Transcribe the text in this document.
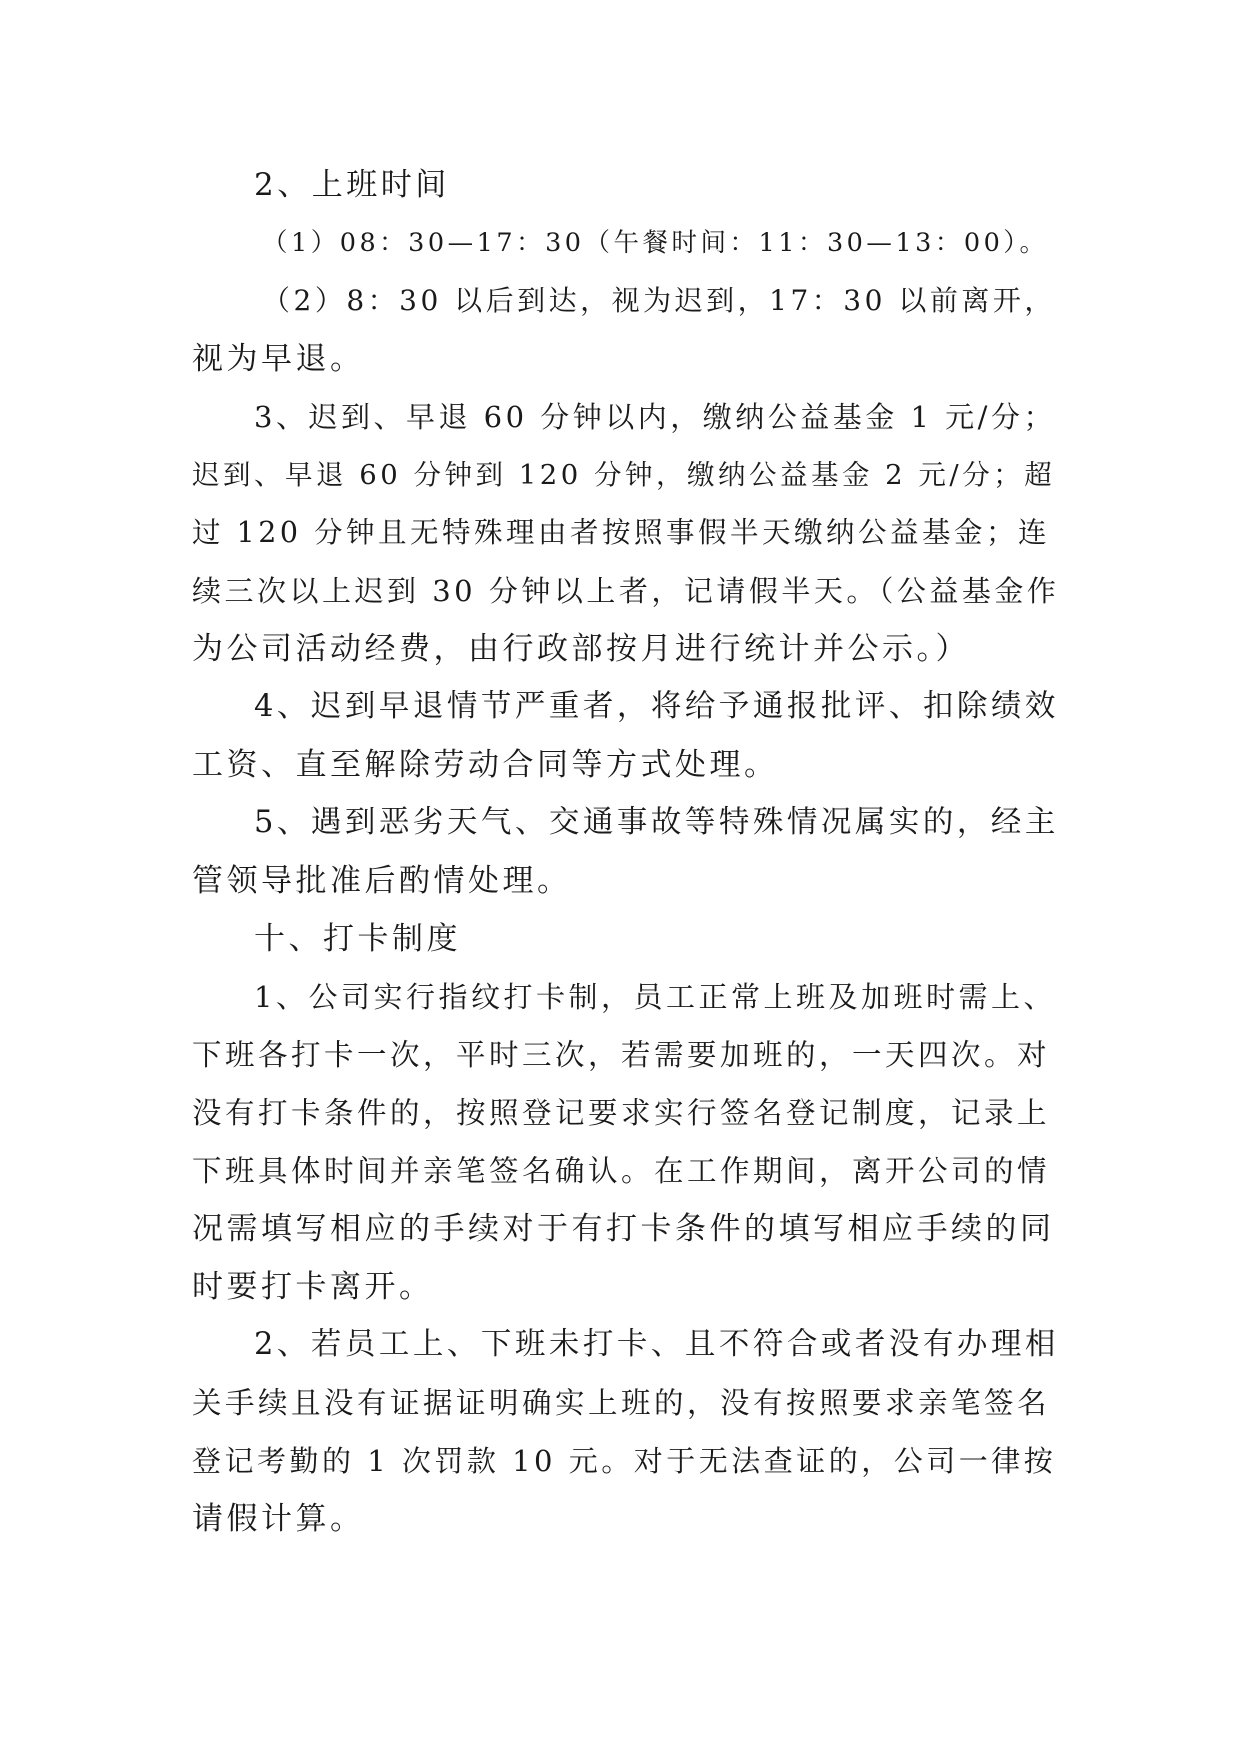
2、上班时间
（1）08：30—17：30（午餐时间：11：30—13：00）。
（2）8：30 以后到达，视为迟到，17：30 以前离开，
视为早退。
3、迟到、早退 60 分钟以内，缴纳公益基金 1 元/分；
迟到、早退 60 分钟到 120 分钟，缴纳公益基金 2 元/分；超
过 120 分钟且无特殊理由者按照事假半天缴纳公益基金；连
续三次以上迟到 30 分钟以上者，记请假半天。（公益基金作
为公司活动经费，由行政部按月进行统计并公示。）
4、迟到早退情节严重者，将给予通报批评、扣除绩效
工资、直至解除劳动合同等方式处理。
5、遇到恶劣天气、交通事故等特殊情况属实的，经主
管领导批准后酌情处理。
十、打卡制度
1、公司实行指纹打卡制，员工正常上班及加班时需上、
下班各打卡一次，平时三次，若需要加班的，一天四次。对
没有打卡条件的，按照登记要求实行签名登记制度，记录上
下班具体时间并亲笔签名确认。在工作期间，离开公司的情
况需填写相应的手续对于有打卡条件的填写相应手续的同
时要打卡离开。
2、若员工上、下班未打卡、且不符合或者没有办理相
关手续且没有证据证明确实上班的，没有按照要求亲笔签名
登记考勤的 1 次罚款 10 元。对于无法查证的，公司一律按
请假计算。
